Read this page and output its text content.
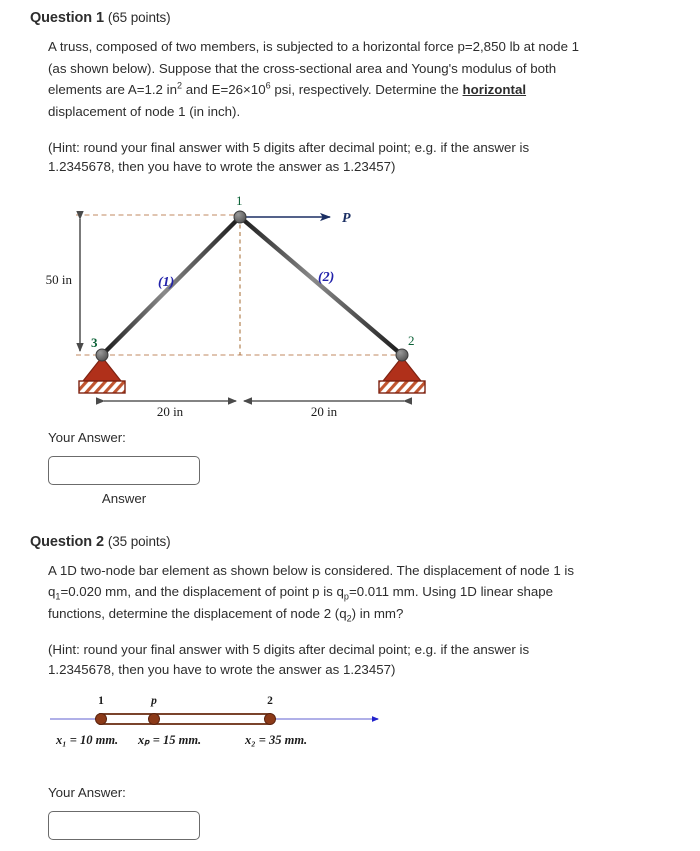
Question 1 (65 points)

A truss, composed of two members, is subjected to a horizontal force p=2,850 lb at node 1 (as shown below). Suppose that the cross-sectional area and Young's modulus of both elements are A=1.2 $in^2$ and $E=26\times 10^6$ psi, respectively. Determine the horizontal displacement of node 1 (in inch).

(Hint: round your final answer with 5 digits after decimal point; e.g. if the answer is 1.2345678, then you have to wrote the answer as 1.23457)

50 in	(1)	(2)
P
1
3	2
20 in	20 in
Your Answer:
Answer
Question 2 (35 points)

A 1D two-node bar element as shown below is considered. The displacement of node 1 is $q_1=0.020$ mm, and the displacement of point p is $q_p=0.011$ mm. Using 1D linear shape functions, determine the displacement of node 2 $(q_2)$ in mm?

(Hint: round your final answer with 5 digits after decimal point; e.g. if the answer is 1.2345678, then you have to wrote the answer as 1.23457)

1	p	2
x₁ = 10 mm. xₚ = 15 mm.	x₂ = 35 mm.
Your Answer:
